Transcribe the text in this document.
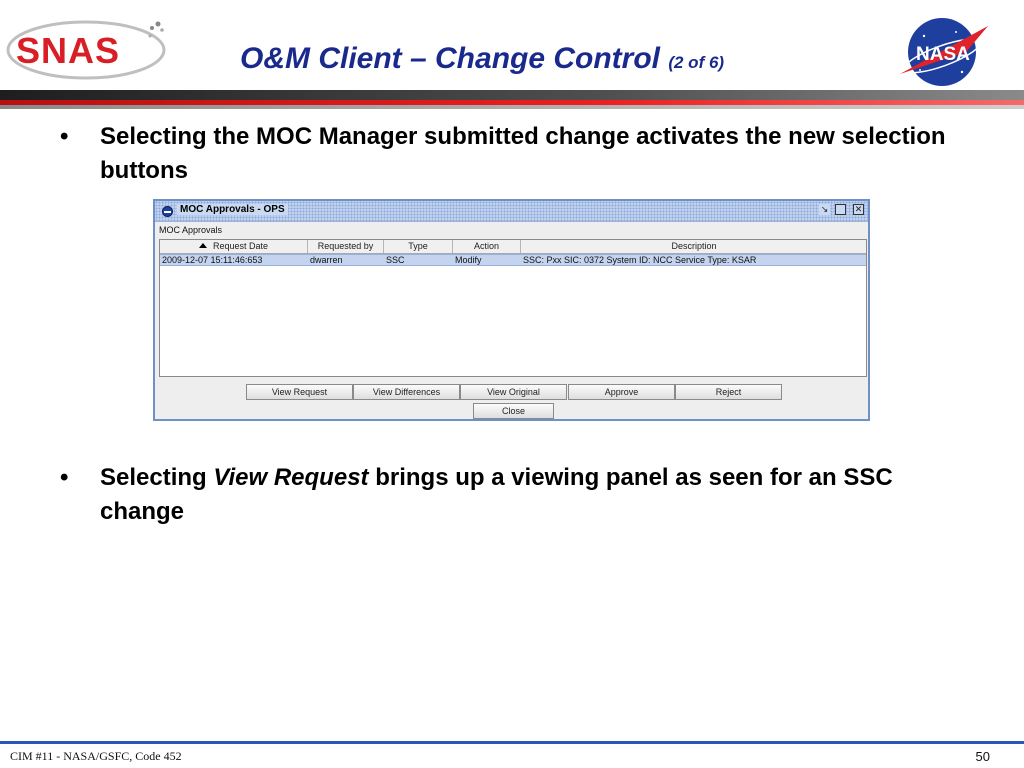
SNAS	O&M Client – Change Control (2 of 6)	NASA
• Selecting the MOC Manager submitted change activates the new selection buttons
MOC Approvals - OPS	↘	✕
MOC Approvals
Request Date	Requested by	Type	Action	Description
2009-12-07 15:11:46:653	dwarren	SSC	Modify	SSC: Pxx SIC: 0372 System ID: NCC Service Type: KSAR
View Request	View Differences	View Original	Approve	Reject
Close
• Selecting View Request brings up a viewing panel as seen for an SSC change
CIM #11 - NASA/GSFC, Code 452	50
